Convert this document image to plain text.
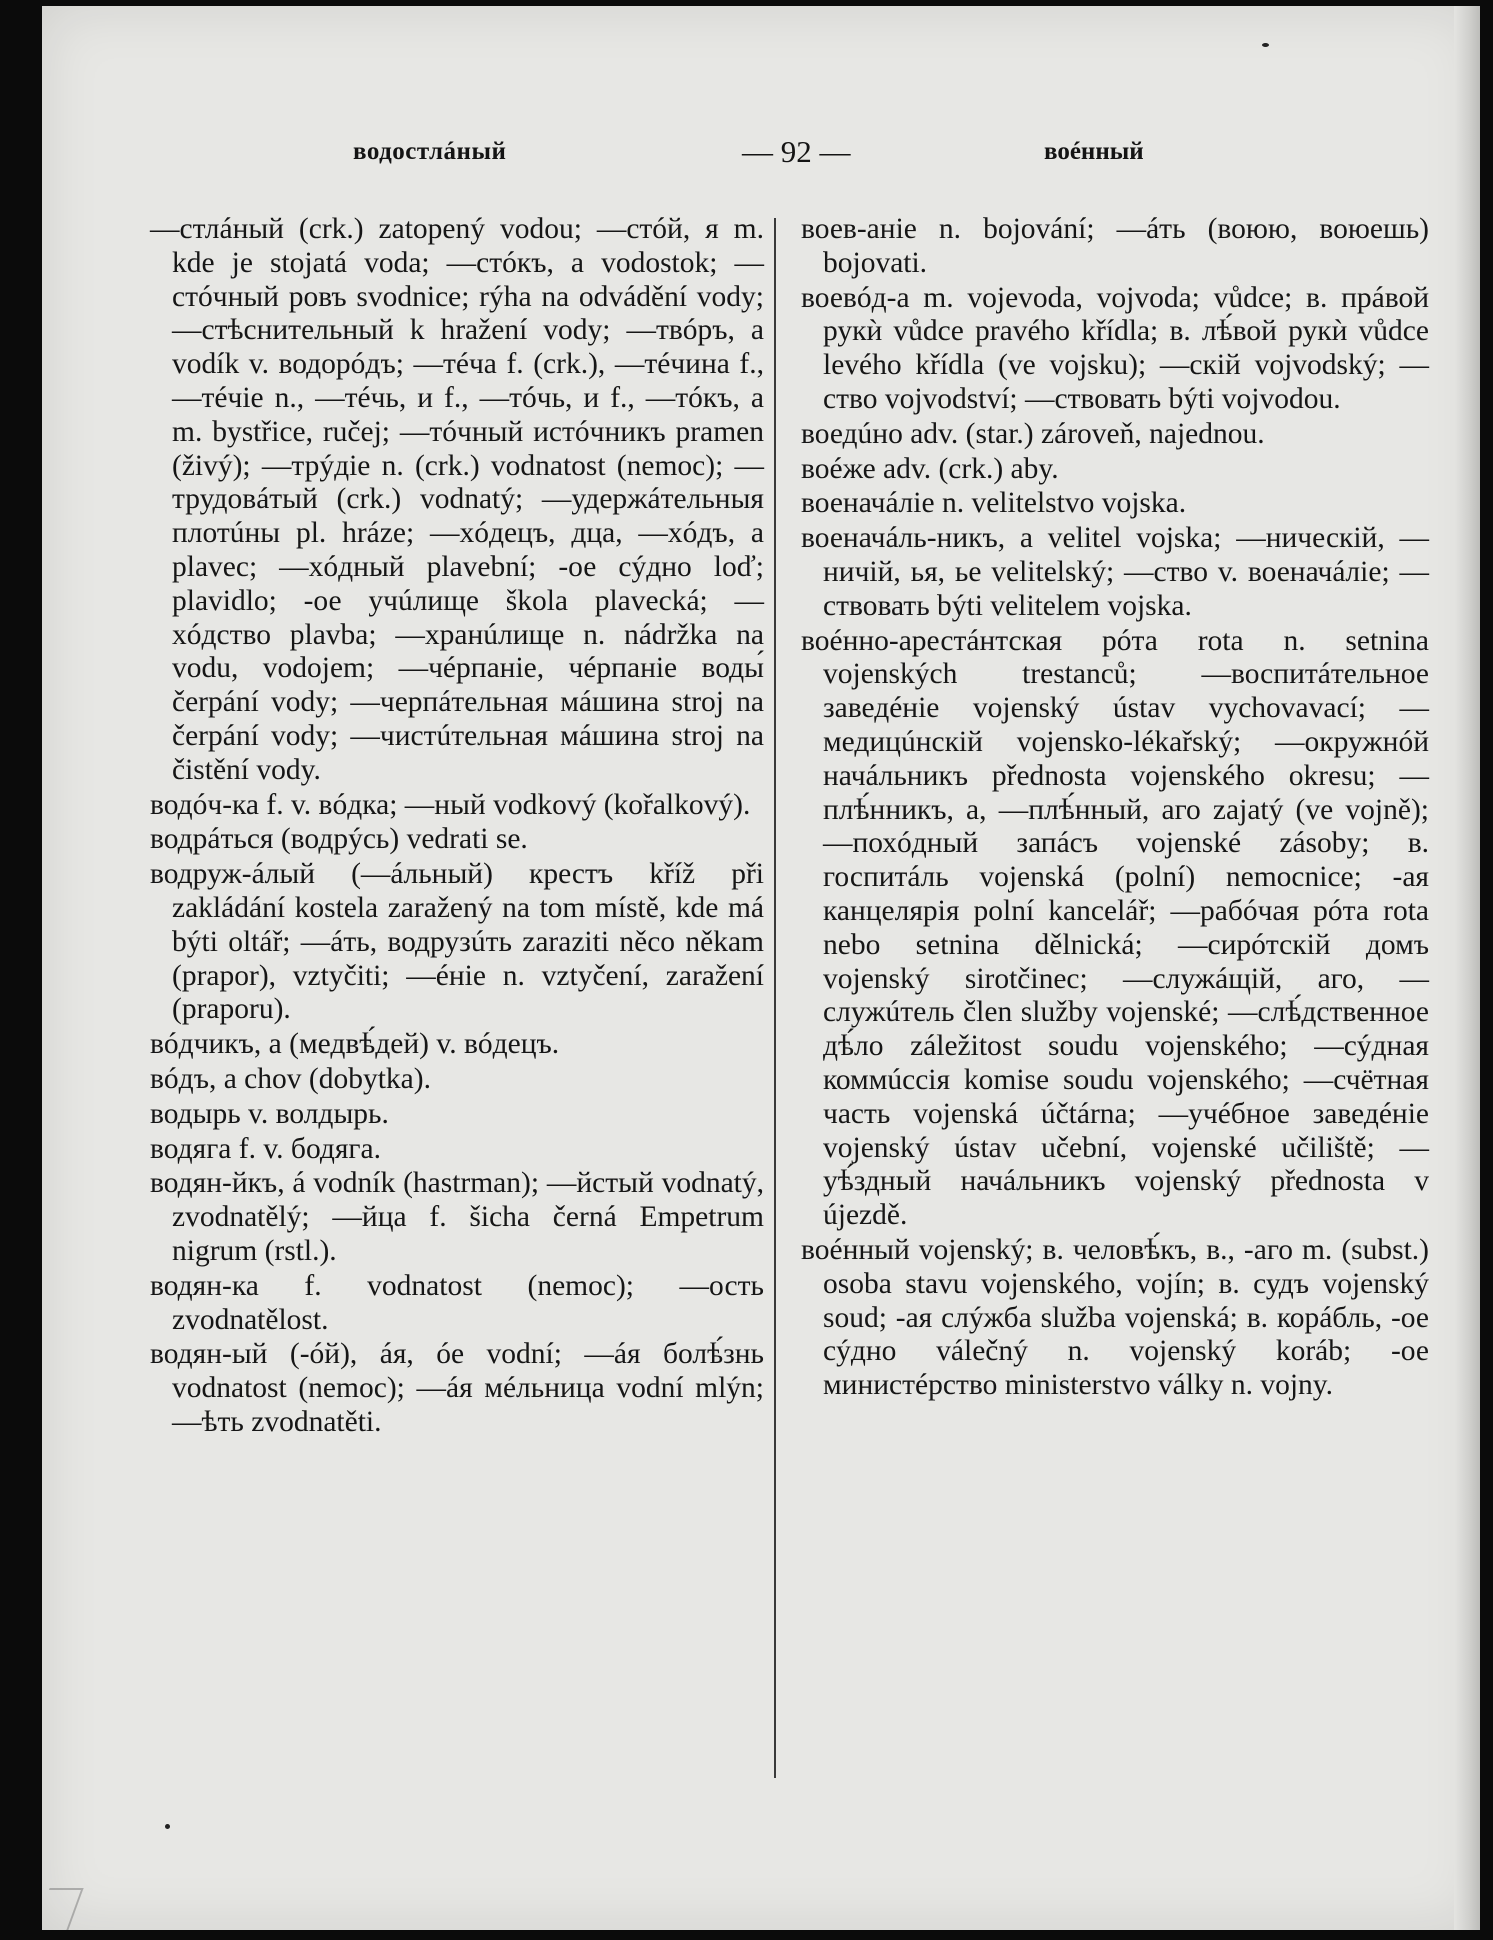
водостлáный	— 92 —	воéнный

—стлáный (crk.) zatopený vodou; —стóй, я m. kde je stojatá voda; —стóкъ, a vodostok; —стóчный ровъ svodnice; rýha na odvádění vody; —стѣснительный k hražení vody; —твóръ, a vodík v. водорóдъ; —тéча f. (crk.), —тéчина f., —тéчіе n., —тéчь, и f., —тóчь, и f., —тóкъ, a m. bystřice, ručej; —тóчный истóчникъ pramen (živý); —трýдіе n. (crk.) vodnatost (nemoc); —трудовáтый (crk.) vodnatý; —удержáтельныя плотúны pl. hráze; —хóдецъ, дца, —хóдъ, a plavec; —хóдный plavební; -ое сýдно loď; plavidlo; -ое учúлище škola plavecká; —хóдство plavba; —хранúлище n. nádržka na vodu, vodojem; —чéрпаніе, чéрпаніе воды́ čerpání vody; —черпáтельная мáшина stroj na čerpání vody; —чистúтельная мáшина stroj na čistění vody.

водóч-ка f. v. вóдка; —ный vodkový (kořalkový).

водрáться (водрýсь) vedrati se.

водруж-áлый (—áльный) крестъ kříž při zakládání kostela zaražený na tom místě, kde má býti oltář; —áть, водрузúть zaraziti něco někam (prapor), vztyčiti; —éніе n. vztyčení, zaražení (praporu).

вóдчикъ, a (медвѣ́дей) v. вóдецъ.

вóдъ, a chov (dobytka).

водырь v. волдырь.

водяга f. v. бодяга.

водян-йкъ, á vodník (hastrman); —йстый vodnatý, zvodnatělý; —йца f. šicha černá Empetrum nigrum (rstl.).

водян-ка f. vodnatost (nemoc); —ость zvodnatělost.

водян-ый (-óй), áя, óе vodní; —áя болѣ́знь vodnatost (nemoc); —áя мéльница vodní mlýn; —ѣть zvodnatěti.

воев-аніе n. bojování; —áть (воюю, воюешь) bojovati.

воевóд-а m. vojevoda, vojvoda; vůdce; в. прáвой рукѝ vůdce pravého křídla; в. лѣ́вой рукѝ vůdce levého křídla (ve vojsku); —скій vojvodský; —ство vojvodství; —ствовать býti vojvodou.

воедúно adv. (star.) zároveň, najednou.

воéже adv. (crk.) aby.

военачáліе n. velitelstvo vojska.

военачáль-никъ, a velitel vojska; —ническій, —ничій, ья, ье velitelský; —ство v. военачáліе; —ствовать býti velitelem vojska.

воéнно-арестáнтская рóта rota n. setnina vojenských trestanců; —воспитáтельное заведéніе vojenský ústav vychovavací; —медицúнскій vojensko-lékařský; —окружнóй начáльникъ přednosta vojenského okresu; —плѣ́нникъ, a, —плѣ́нный, аго zajatý (ve vojně); —похóдный запáсъ vojenské zásoby; в. госпитáль vojenská (polní) nemocnice; -ая канцелярія polní kancelář; —рабóчая рóта rota nebo setnina dělnická; —сирóтскій домъ vojenský sirotčinec; —служáщій, аго, —служúтель člen služby vojenské; —слѣ́дственное дѣ́ло záležitost soudu vojenského; —сýдная коммúссія komise soudu vojenského; —счётная часть vojenská účtárna; —учéбное заведéніе vojenský ústav učební, vojenské učiliště; —уѣ́здный начáльникъ vojenský přednosta v újezdě.

воéнный vojenský; в. человѣ́къ, в., -аго m. (subst.) osoba stavu vojenského, vojín; в. судъ vojenský soud; -ая слýжба služba vojenská; в. корáбль, -ое сýдно válečný n. vojenský koráb; -ое министéрство ministerstvo války n. vojny.
